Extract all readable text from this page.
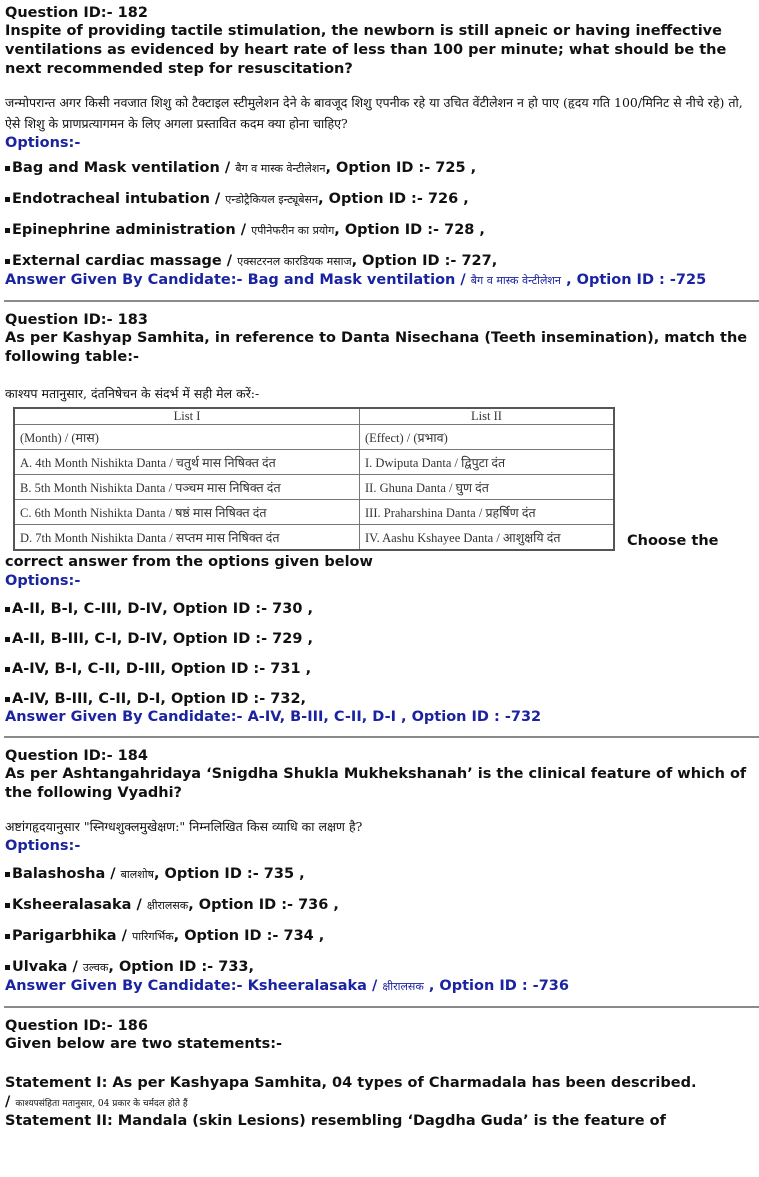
Question ID:- 182
Inspite of providing tactile stimulation, the newborn is still apneic or having ineffective ventilations as evidenced by heart rate of less than 100 per minute; what should be the next recommended step for resuscitation?
जन्मोपरान्त अगर किसी नवजात शिशु को टैक्टाइल स्टीमुलेशन देने के बावजूद शिशु एपनीक रहे या उचित वेंटीलेशन न हो पाए (हृदय गति 100/मिनिट से नीचे रहे) तो, ऐसे शिशु के प्राणप्रत्यागमन के लिए अगला प्रस्तावित कदम क्या होना चाहिए?
Options:-
Bag and Mask ventilation /
बैग व मास्क वेन्टीलेशन , Option ID :- 725 ,
Endotracheal intubation /
एन्डोट्रैकियल इन्ट्यूबेसन , Option ID :- 726 ,
Epinephrine administration /
एपीनेफरीन का प्रयोग , Option ID :- 728 ,
External cardiac massage /
एक्सटरनल कारडियक मसाज , Option ID :- 727,
Answer Given By Candidate:- Bag and Mask ventilation / बैग व मास्क वेन्टीलेशन , Option ID : -725
Question ID:- 183
As per Kashyap Samhita, in reference to Danta Nisechana (Teeth insemination), match the following table:-
काश्यप मतानुसार, दंतनिषेचन के संदर्भ में सही मेल करें:-
List I	List II
(Month) / (मास)	(Effect) / (प्रभाव)
A. 4th Month Nishikta Danta / चतुर्थ मास निषिक्त दंत	I. Dwiputa Danta / द्विपुटा दंत
B. 5th Month Nishikta Danta / पञ्चम मास निषिक्त दंत	II. Ghuna Danta / घुण दंत
C. 6th Month Nishikta Danta / षष्ठं मास निषिक्त दंत	III. Praharshina Danta / प्रहर्षिण दंत
D. 7th Month Nishikta Danta / सप्तम मास निषिक्त दंत	IV. Aashu Kshayee Danta / आशुक्षयि दंत	Choose the
correct answer from the options given below
Options:-
A-II, B-I, C-III, D-IV , Option ID :- 730 ,
A-II, B-III, C-I, D-IV , Option ID :- 729 ,
A-IV, B-I, C-II, D-III , Option ID :- 731 ,
A-IV, B-III, C-II, D-I , Option ID :- 732,
Answer Given By Candidate:- A-IV, B-III, C-II, D-I , Option ID : -732
Question ID:- 184
As per Ashtangahridaya ‘Snigdha Shukla Mukhekshanah’ is the clinical feature of which of the following Vyadhi?
अष्टांगहृदयानुसार "स्निग्धशुक्लमुखेक्षण:" निम्नलिखित किस व्याधि का लक्षण है?
Options:-
Balashosha /
बालशोष , Option ID :- 735 ,
Ksheeralasaka /
क्षीरालसक , Option ID :- 736 ,
Parigarbhika /
पारिगर्भिक , Option ID :- 734 ,
Ulvaka /
उल्वक , Option ID :- 733,
Answer Given By Candidate:- Ksheeralasaka / क्षीरालसक , Option ID : -736
Question ID:- 186
Given below are two statements:-
Statement I: As per Kashyapa Samhita, 04 types of Charmadala has been described.
/ काश्यपसंहिता मतानुसार, 04 प्रकार के चर्मदल होते हैं
Statement II: Mandala (skin Lesions) resembling ‘Dagdha Guda’ is the feature of
